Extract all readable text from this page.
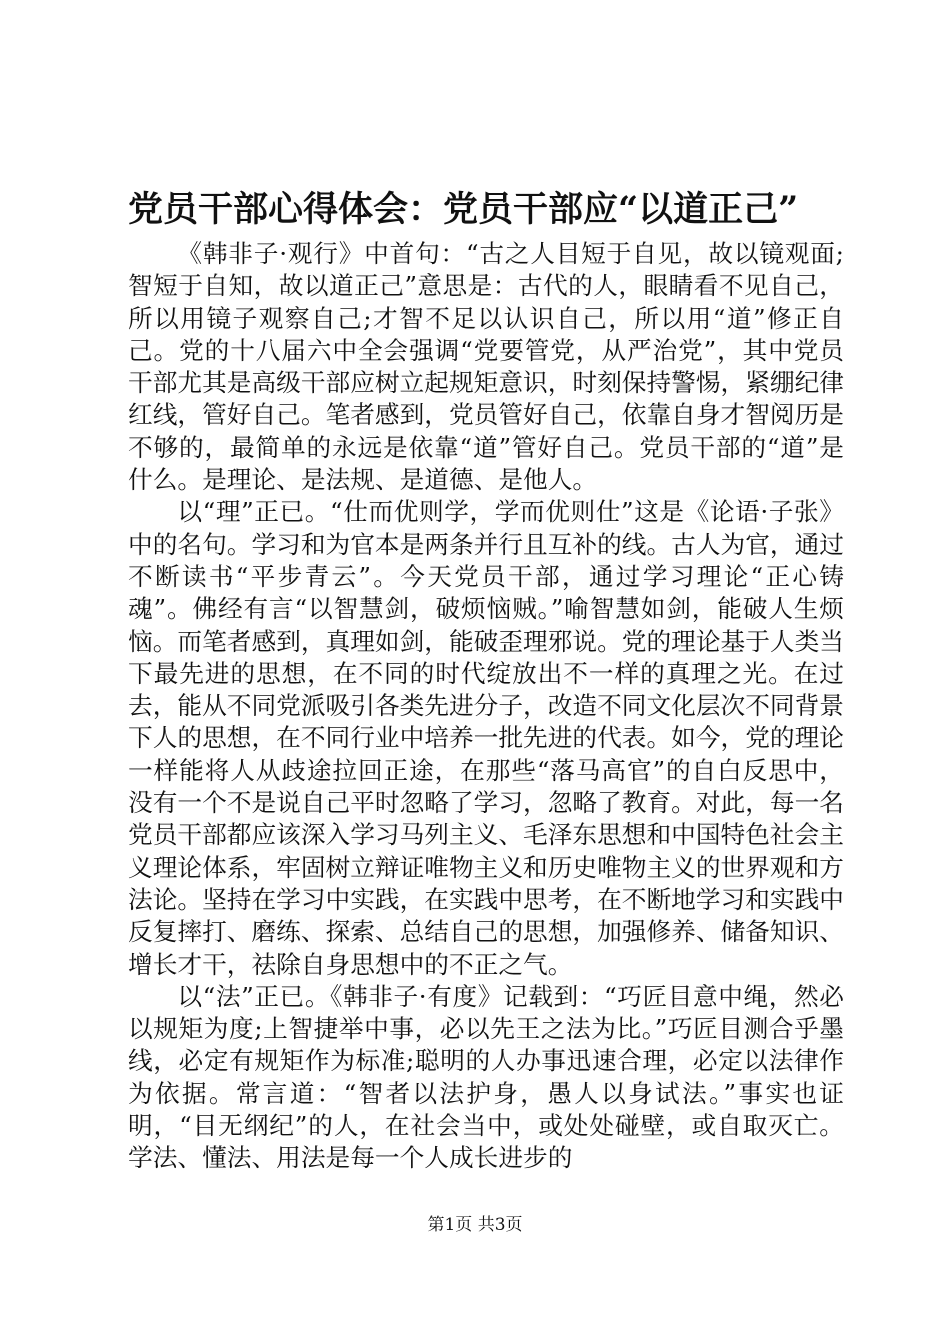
党员干部心得体会：党员干部应“以道正己”

《韩非子·观行》中首句：“古之人目短于自见，故以镜观面;智短于自知，故以道正己”意思是：古代的人，眼睛看不见自己，所以用镜子观察自己;才智不足以认识自己，所以用“道”修正自己。党的十八届六中全会强调“党要管党，从严治党”，其中党员干部尤其是高级干部应树立起规矩意识，时刻保持警惕，紧绷纪律红线，管好自己。笔者感到，党员管好自己，依靠自身才智阅历是不够的，最简单的永远是依靠“道”管好自己。党员干部的“道”是什么。是理论、是法规、是道德、是他人。

以“理”正已。“仕而优则学，学而优则仕”这是《论语·子张》中的名句。学习和为官本是两条并行且互补的线。古人为官，通过不断读书“平步青云”。今天党员干部，通过学习理论“正心铸魂”。佛经有言“以智慧剑，破烦恼贼。”喻智慧如剑，能破人生烦恼。而笔者感到，真理如剑，能破歪理邪说。党的理论基于人类当下最先进的思想，在不同的时代绽放出不一样的真理之光。在过去，能从不同党派吸引各类先进分子，改造不同文化层次不同背景下人的思想，在不同行业中培养一批先进的代表。如今，党的理论一样能将人从歧途拉回正途，在那些“落马高官”的自白反思中，没有一个不是说自己平时忽略了学习，忽略了教育。对此，每一名党员干部都应该深入学习马列主义、毛泽东思想和中国特色社会主义理论体系，牢固树立辩证唯物主义和历史唯物主义的世界观和方法论。坚持在学习中实践，在实践中思考，在不断地学习和实践中反复摔打、磨练、探索、总结自己的思想，加强修养、储备知识、增长才干，祛除自身思想中的不正之气。

以“法”正已。《韩非子·有度》记载到：“巧匠目意中绳，然必以规矩为度;上智捷举中事，必以先王之法为比。”巧匠目测合乎墨线，必定有规矩作为标准;聪明的人办事迅速合理，必定以法律作为依据。常言道：“智者以法护身，愚人以身试法。”事实也证明，“目无纲纪”的人，在社会当中，或处处碰壁，或自取灭亡。学法、懂法、用法是每一个人成长进步的

第1页 共3页
